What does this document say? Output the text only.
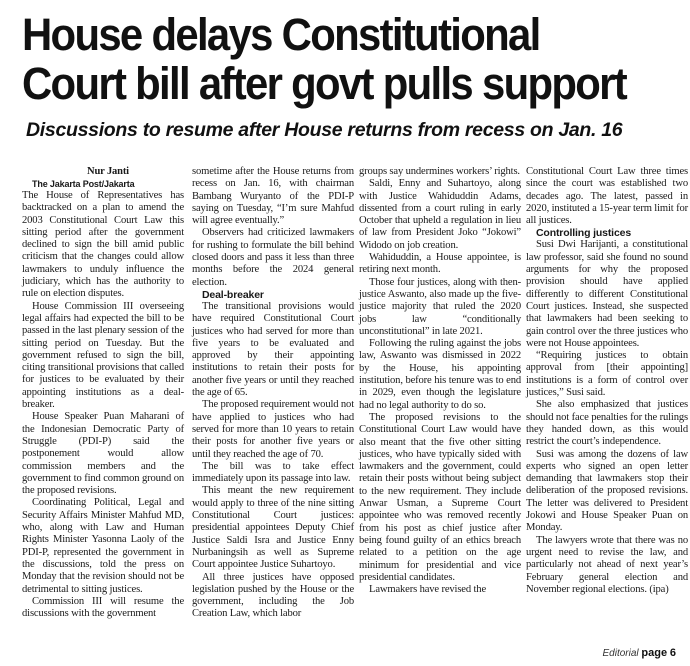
House delays Constitutional
Court bill after govt pulls support
Discussions to resume after House returns from recess on Jan. 16

Nur Janti

The Jakarta Post/Jakarta

The House of Representatives has backtracked on a plan to amend the 2003 Constitutional Court Law this sitting period after the government declined to sign the bill amid public criticism that the changes could allow lawmakers to unduly influence the judiciary, which has the authority to rule on election disputes.

House Commission III overseeing legal affairs had expected the bill to be passed in the last plenary session of the sitting period on Tuesday. But the government refused to sign the bill, citing transitional provisions that called for justices to be evaluated by their appointing institutions as a deal-breaker.

House Speaker Puan Maharani of the Indonesian Democratic Party of Struggle (PDI-P) said the postponement would allow commission members and the government to find common ground on the proposed revisions.

Coordinating Political, Legal and Security Affairs Minister Mahfud MD, who, along with Law and Human Rights Minister Yasonna Laoly of the PDI-P, represented the government in the discussions, told the press on Monday that the revision should not be detrimental to sitting justices.

Commission III will resume the discussions with the government

sometime after the House returns from recess on Jan. 16, with chairman Bambang Wuryanto of the PDI-P saying on Tuesday, “I’m sure Mahfud will agree eventually.”

Observers had criticized lawmakers for rushing to formulate the bill behind closed doors and pass it less than three months before the 2024 general election.

Deal-breaker

The transitional provisions would have required Constitutional Court justices who had served for more than five years to be evaluated and approved by their appointing institutions to retain their posts for another five years or until they reached the age of 65.

The proposed requirement would not have applied to justices who had served for more than 10 years to retain their posts for another five years or until they reached the age of 70.

The bill was to take effect immediately upon its passage into law.

This meant the new requirement would apply to three of the nine sitting Constitutional Court justices: presidential appointees Deputy Chief Justice Saldi Isra and Justice Enny Nurbaningsih as well as Supreme Court appointee Justice Suhartoyo.

All three justices have opposed legislation pushed by the House or the government, including the Job Creation Law, which labor

groups say undermines workers’ rights.

Saldi, Enny and Suhartoyo, along with Justice Wahiduddin Adams, dissented from a court ruling in early October that upheld a regulation in lieu of law from President Joko “Jokowi” Widodo on job creation.

Wahiduddin, a House appointee, is retiring next month.

Those four justices, along with then-justice Aswanto, also made up the five-justice majority that ruled the 2020 jobs law “conditionally unconstitutional” in late 2021.

Following the ruling against the jobs law, Aswanto was dismissed in 2022 by the House, his appointing institution, before his tenure was to end in 2029, even though the legislature had no legal authority to do so.

The proposed revisions to the Constitutional Court Law would have also meant that the five other sitting justices, who have typically sided with lawmakers and the government, could retain their posts without being subject to the new requirement. They include Anwar Usman, a Supreme Court appointee who was removed recently from his post as chief justice after being found guilty of an ethics breach related to a petition on the age minimum for presidential and vice presidential candidates.

Lawmakers have revised the

Constitutional Court Law three times since the court was established two decades ago. The latest, passed in 2020, instituted a 15-year term limit for all justices.

Controlling justices

Susi Dwi Harijanti, a constitutional law professor, said she found no sound arguments for why the proposed provision should have applied differently to different Constitutional Court justices. Instead, she suspected that lawmakers had been seeking to gain control over the three justices who were not House appointees.

“Requiring justices to obtain approval from [their appointing] institutions is a form of control over justices,” Susi said.

She also emphasized that justices should not face penalties for the rulings they handed down, as this would restrict the court’s independence.

Susi was among the dozens of law experts who signed an open letter demanding that lawmakers stop their deliberation of the proposed revisions. The letter was delivered to President Jokowi and House Speaker Puan on Monday.

The lawyers wrote that there was no urgent need to revise the law, and particularly not ahead of next year’s February general election and November regional elections. (ipa)

Editorial page 6
